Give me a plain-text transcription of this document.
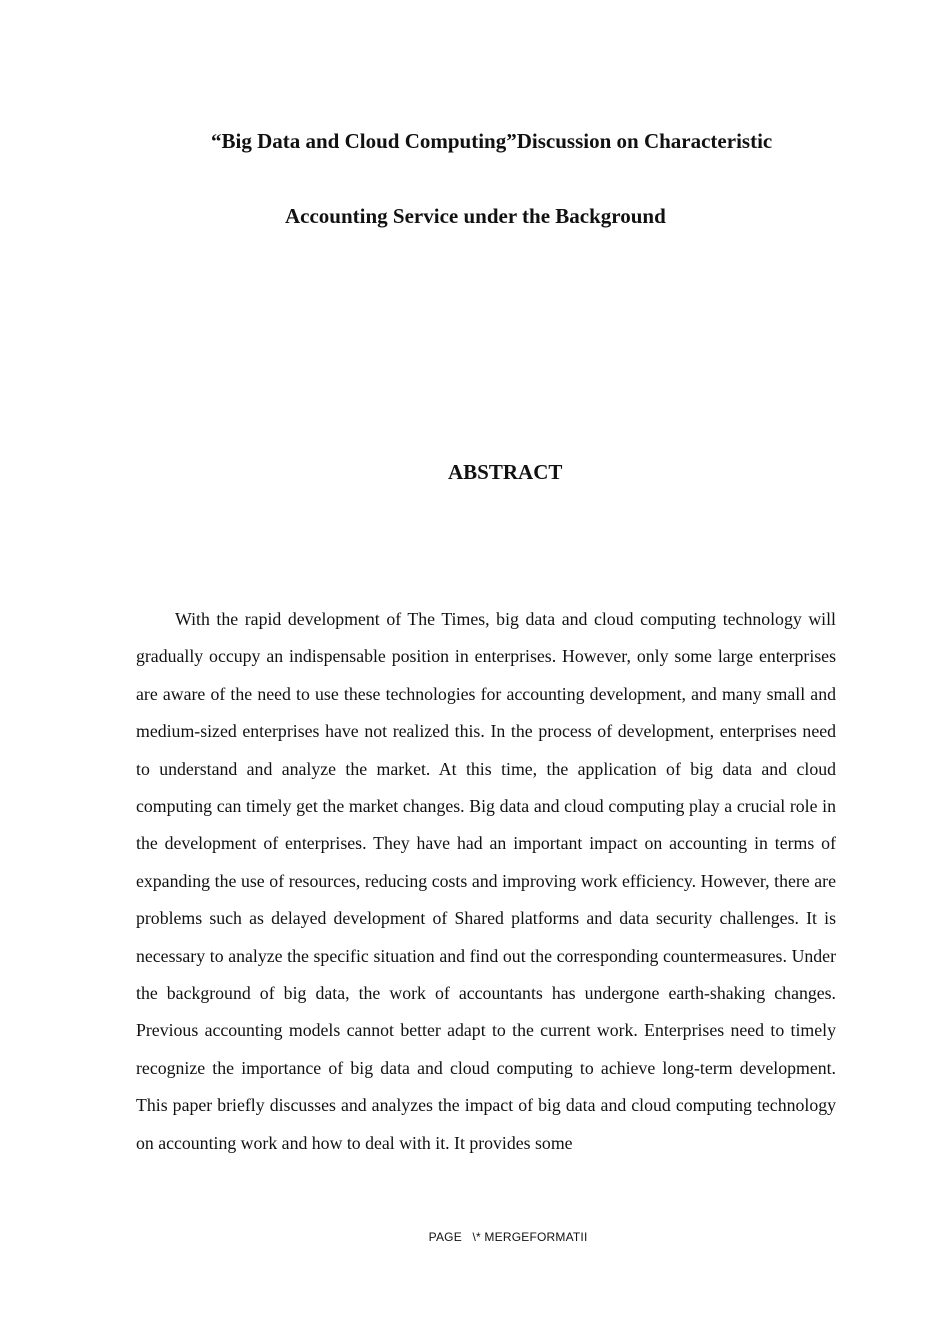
“Big Data and Cloud Computing”Discussion on Characteristic
Accounting Service under the Background
ABSTRACT

With the rapid development of The Times, big data and cloud computing technology will gradually occupy an indispensable position in enterprises. However, only some large enterprises are aware of the need to use these technologies for accounting development, and many small and medium-sized enterprises have not realized this. In the process of development, enterprises need to understand and analyze the market. At this time, the application of big data and cloud computing can timely get the market changes. Big data and cloud computing play a crucial role in the development of enterprises. They have had an important impact on accounting in terms of expanding the use of resources, reducing costs and improving work efficiency. However, there are problems such as delayed development of Shared platforms and data security challenges. It is necessary to analyze the specific situation and find out the corresponding countermeasures. Under the background of big data, the work of accountants has undergone earth-shaking changes. Previous accounting models cannot better adapt to the current work. Enterprises need to timely recognize the importance of big data and cloud computing to achieve long-term development. This paper briefly discusses and analyzes the impact of big data and cloud computing technology on accounting work and how to deal with it. It provides some

PAGE   \* MERGEFORMATII
